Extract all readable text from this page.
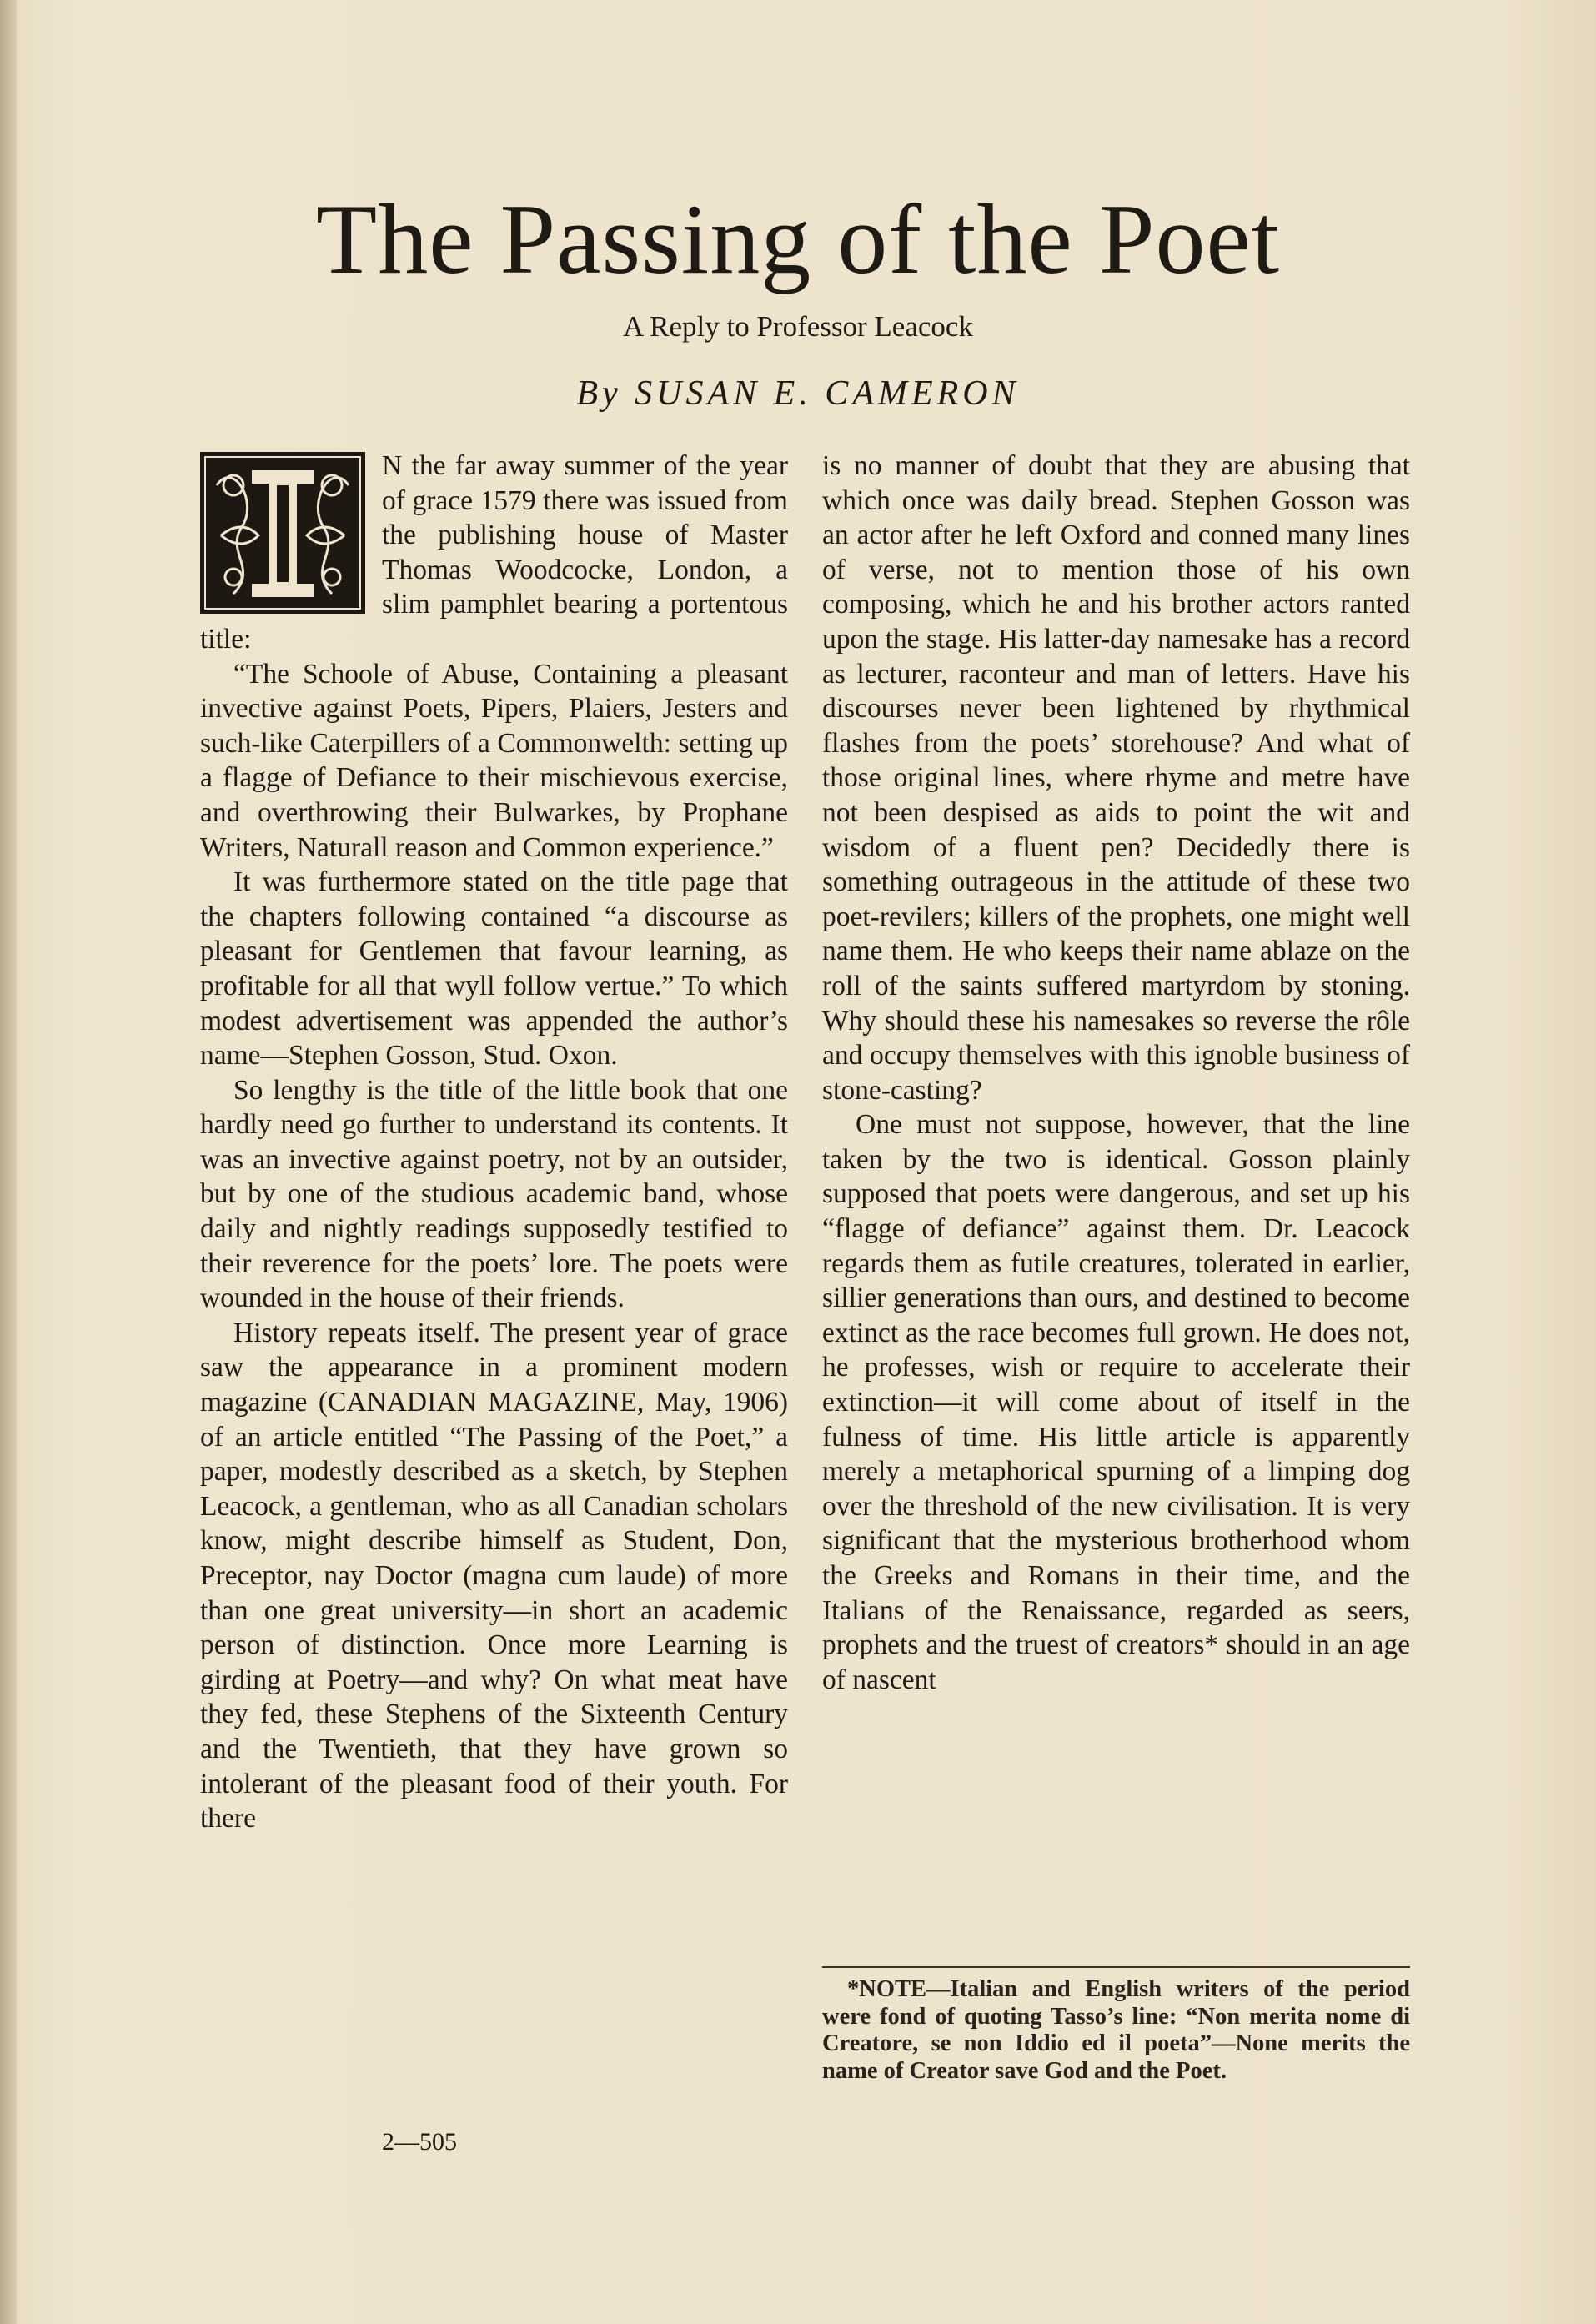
The Passing of the Poet

A Reply to Professor Leacock

By SUSAN E. CAMERON

I

N the far away summer of the year of grace 1579 there was issued from the publishing house of Master Thomas Woodcocke, London, a slim pamphlet bearing a portentous title:

“The Schoole of Abuse, Containing a pleasant invective against Poets, Pipers, Plaiers, Jesters and such-like Caterpillers of a Commonwelth: setting up a flagge of Defiance to their mischievous exercise, and overthrowing their Bulwarkes, by Prophane Writers, Naturall reason and Common experience.”

It was furthermore stated on the title page that the chapters following contained “a discourse as pleasant for Gentlemen that favour learning, as profitable for all that wyll follow vertue.” To which modest advertisement was appended the author’s name—Stephen Gosson, Stud. Oxon.

So lengthy is the title of the little book that one hardly need go further to understand its contents. It was an invective against poetry, not by an outsider, but by one of the studious academic band, whose daily and nightly readings supposedly testified to their reverence for the poets’ lore. The poets were wounded in the house of their friends.

History repeats itself. The present year of grace saw the appearance in a prominent modern magazine (CANADIAN MAGAZINE, May, 1906) of an article entitled “The Passing of the Poet,” a paper, modestly described as a sketch, by Stephen Leacock, a gentleman, who as all Canadian scholars know, might describe himself as Student, Don, Preceptor, nay Doctor (magna cum laude) of more than one great university—in short an academic person of distinction. Once more Learning is girding at Poetry—and why? On what meat have they fed, these Stephens of the Sixteenth Century and the Twentieth, that they have grown so intolerant of the pleasant food of their youth. For there

is no manner of doubt that they are abusing that which once was daily bread. Stephen Gosson was an actor after he left Oxford and conned many lines of verse, not to mention those of his own composing, which he and his brother actors ranted upon the stage. His latter-day namesake has a record as lecturer, raconteur and man of letters. Have his discourses never been lightened by rhythmical flashes from the poets’ storehouse? And what of those original lines, where rhyme and metre have not been despised as aids to point the wit and wisdom of a fluent pen? Decidedly there is something outrageous in the attitude of these two poet-revilers; killers of the prophets, one might well name them. He who keeps their name ablaze on the roll of the saints suffered martyrdom by stoning. Why should these his namesakes so reverse the rôle and occupy themselves with this ignoble business of stone-casting?

One must not suppose, however, that the line taken by the two is identical. Gosson plainly supposed that poets were dangerous, and set up his “flagge of defiance” against them. Dr. Leacock regards them as futile creatures, tolerated in earlier, sillier generations than ours, and destined to become extinct as the race becomes full grown. He does not, he professes, wish or require to accelerate their extinction—it will come about of itself in the fulness of time. His little article is apparently merely a metaphorical spurning of a limping dog over the threshold of the new civilisation. It is very significant that the mysterious brotherhood whom the Greeks and Romans in their time, and the Italians of the Renaissance, regarded as seers, prophets and the truest of creators* should in an age of nascent

*NOTE—Italian and English writers of the period were fond of quoting Tasso’s line: “Non merita nome di Creatore, se non Iddio ed il poeta”—None merits the name of Creator save God and the Poet.

2—505
